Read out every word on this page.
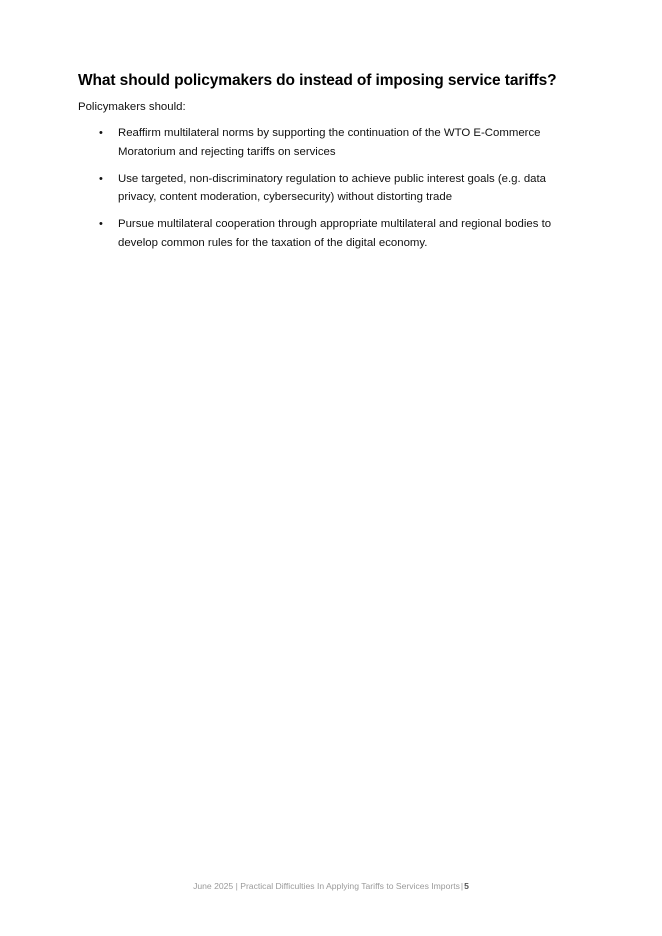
What should policymakers do instead of imposing service tariffs?

Policymakers should:

• Reaffirm multilateral norms by supporting the continuation of the WTO E-Commerce Moratorium and rejecting tariffs on services
• Use targeted, non-discriminatory regulation to achieve public interest goals (e.g. data privacy, content moderation, cybersecurity) without distorting trade
• Pursue multilateral cooperation through appropriate multilateral and regional bodies to develop common rules for the taxation of the digital economy.
June 2025 | Practical Difficulties In Applying Tariffs to Services Imports|5
